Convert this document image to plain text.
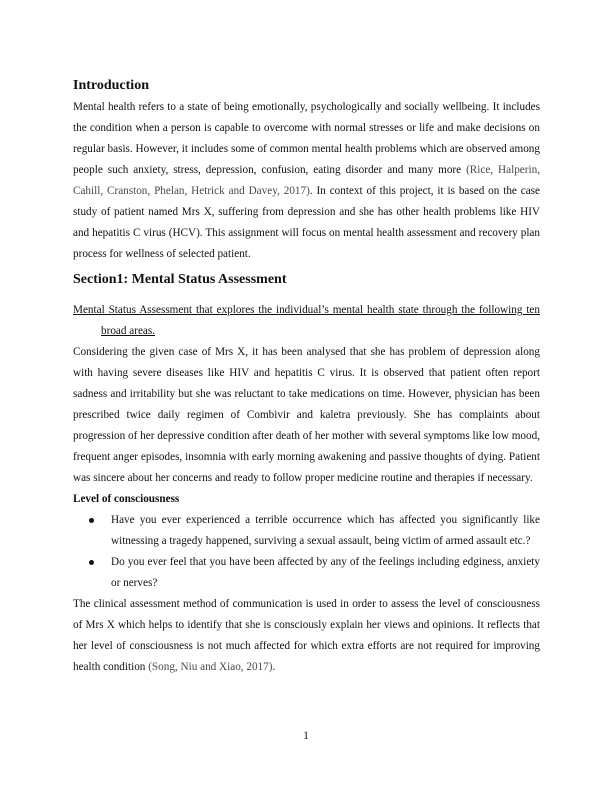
Introduction

Mental health refers to a state of being emotionally, psychologically and socially wellbeing. It includes the condition when a person is capable to overcome with normal stresses or life and make decisions on regular basis. However, it includes some of common mental health problems which are observed among people such anxiety, stress, depression, confusion, eating disorder and many more (Rice, Halperin, Cahill, Cranston, Phelan, Hetrick and Davey, 2017). In context of this project, it is based on the case study of patient named Mrs X, suffering from depression and she has other health problems like HIV and hepatitis C virus (HCV). This assignment will focus on mental health assessment and recovery plan process for wellness of selected patient.

Section1: Mental Status Assessment

Mental Status Assessment that explores the individual’s mental health state through the following ten broad areas.

Considering the given case of Mrs X, it has been analysed that she has problem of depression along with having severe diseases like HIV and hepatitis C virus. It is observed that patient often report sadness and irritability but she was reluctant to take medications on time. However, physician has been prescribed twice daily regimen of Combivir and kaletra previously. She has complaints about progression of her depressive condition after death of her mother with several symptoms like low mood, frequent anger episodes, insomnia with early morning awakening and passive thoughts of dying. Patient was sincere about her concerns and ready to follow proper medicine routine and therapies if necessary.

Level of consciousness

Have you ever experienced a terrible occurrence which has affected you significantly like witnessing a tragedy happened, surviving a sexual assault, being victim of armed assault etc.?
Do you ever feel that you have been affected by any of the feelings including edginess, anxiety or nerves?

The clinical assessment method of communication is used in order to assess the level of consciousness of Mrs X which helps to identify that she is consciously explain her views and opinions. It reflects that her level of consciousness is not much affected for which extra efforts are not required for improving health condition (Song, Niu and Xiao, 2017).

1
